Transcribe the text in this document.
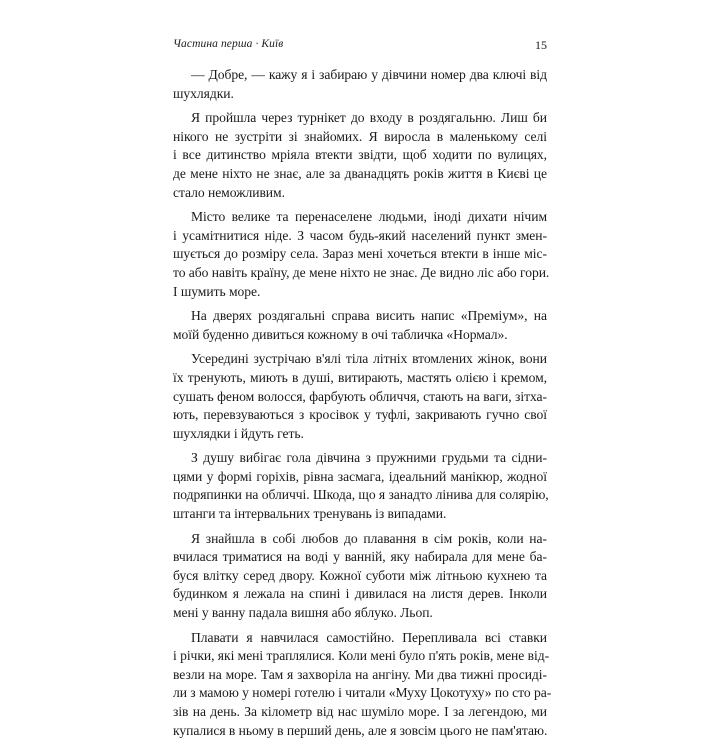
Частина перша · Київ	15
— Добре, — кажу я і забираю у дівчини номер два ключі від
шухлядки.
Я пройшла через турнікет до входу в роздягальню. Лиш би
нікого не зустріти зі знайомих. Я виросла в маленькому селі
і все дитинство мріяла втекти звідти, щоб ходити по вулицях,
де мене ніхто не знає, але за дванадцять років життя в Києві це
стало неможливим.
Місто велике та перенаселене людьми, іноді дихати нічим
і усамітнитися ніде. З часом будь-який населений пункт змен-
шується до розміру села. Зараз мені хочеться втекти в інше міс-
то або навіть країну, де мене ніхто не знає. Де видно ліс або гори.
І шумить море.
На дверях роздягальні справа висить напис «Преміум», на
моїй буденно дивиться кожному в очі табличка «Нормал».
Усередині зустрічаю в'ялі тіла літніх втомлених жінок, вони
їх тренують, миють в душі, витирають, мастять олією і кремом,
сушать феном волосся, фарбують обличчя, стають на ваги, зітха-
ють, перевзуваються з кросівок у туфлі, закривають гучно свої
шухлядки і йдуть геть.
З душу вибігає гола дівчина з пружними грудьми та сідни-
цями у формі горіхів, рівна засмага, ідеальний манікюр, жодної
подряпинки на обличчі. Шкода, що я занадто лінива для солярію,
штанги та інтервальних тренувань із випадами.
Я знайшла в собі любов до плавання в сім років, коли на-
вчилася триматися на воді у ванній, яку набирала для мене ба-
буся влітку серед двору. Кожної суботи між літньою кухнею та
будинком я лежала на спині і дивилася на листя дерев. Інколи
мені у ванну падала вишня або яблуко. Льоп.
Плавати я навчилася самостійно. Перепливала всі ставки
і річки, які мені траплялися. Коли мені було п'ять років, мене від-
везли на море. Там я захворіла на ангіну. Ми два тижні просиді-
ли з мамою у номері готелю і читали «Муху Цокотуху» по сто ра-
зів на день. За кілометр від нас шуміло море. І за легендою, ми
купалися в ньому в перший день, але я зовсім цього не пам'ятаю.
